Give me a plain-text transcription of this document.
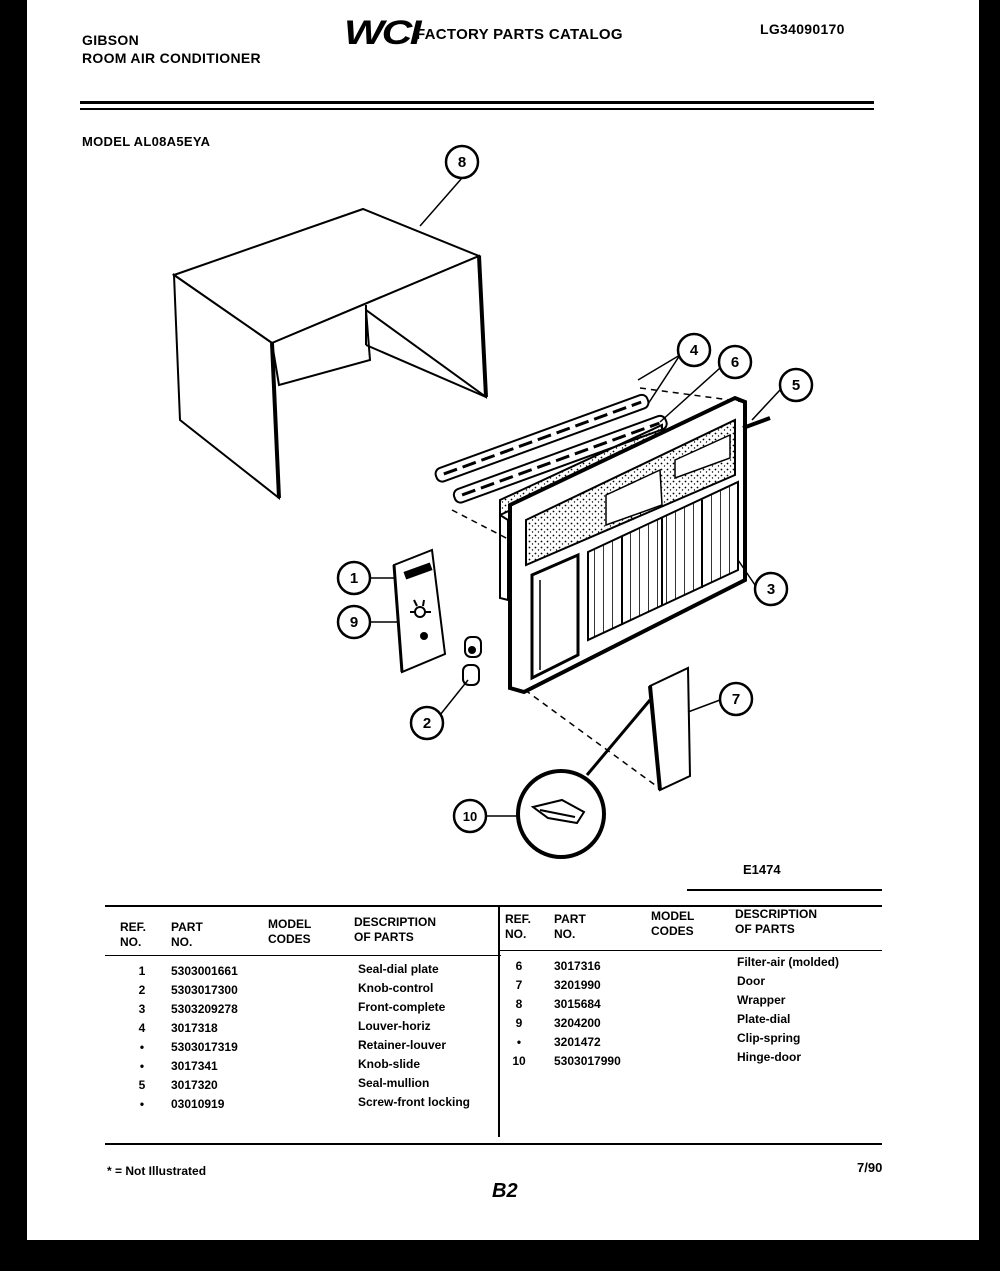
GIBSON
ROOM AIR CONDITIONER
WCI
FACTORY PARTS CATALOG	LG34090170
MODEL AL08A5EYA
8
4
6
5
3
1
9
2
7
10
E1474
REF.
NO.
PART
NO.
MODEL
CODES
DESCRIPTION
OF PARTS
REF.
NO.
PART
NO.
MODEL
CODES
DESCRIPTION
OF PARTS
1
2
3
4
•
•
5
•
5303001661
5303017300
5303209278
3017318
5303017319
3017341
3017320
03010919
Seal-dial plate
Knob-control
Front-complete
Louver-horiz
Retainer-louver
Knob-slide
Seal-mullion
Screw-front locking
6
7
8
9
•
10
3017316
3201990
3015684
3204200
3201472
5303017990
Filter-air (molded)
Door
Wrapper
Plate-dial
Clip-spring
Hinge-door
* = Not Illustrated
B2
7/90
